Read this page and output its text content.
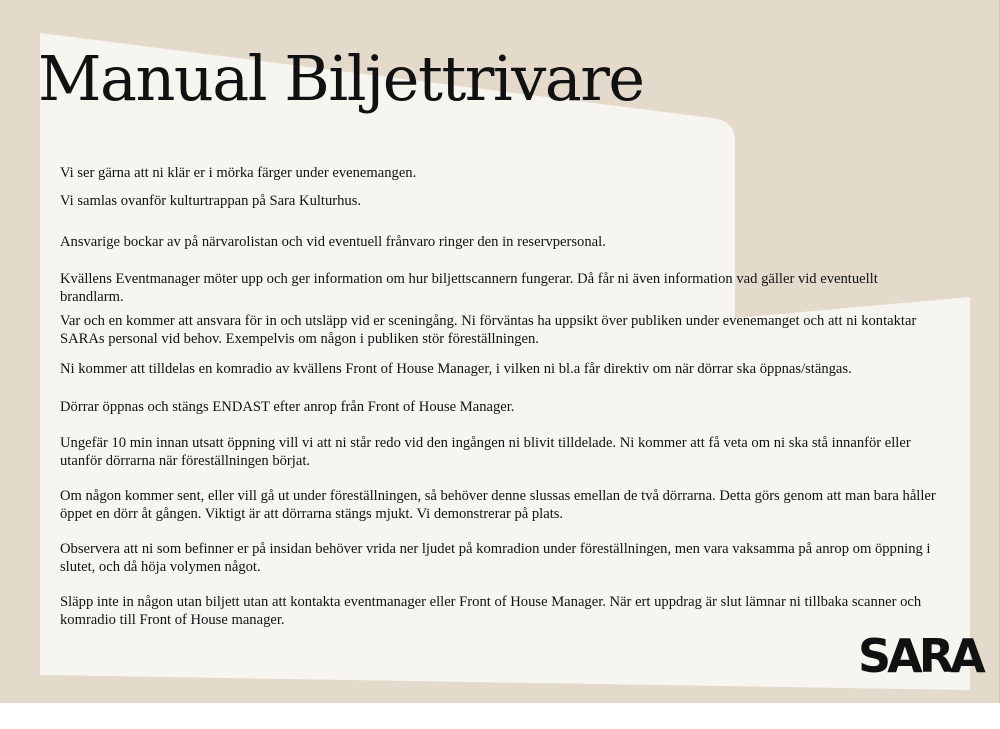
Manual Biljettrivare

Vi ser gärna att ni klär er i mörka färger under evenemangen.

Vi samlas ovanför kulturtrappan på Sara Kulturhus.

Ansvarige bockar av på närvarolistan och vid eventuell frånvaro ringer den in reservpersonal.

Kvällens Eventmanager möter upp och ger information om hur biljettscannern fungerar. Då får ni även information vad gäller vid eventuellt brandlarm.

Var och en kommer att ansvara för in och utsläpp vid er sceningång. Ni förväntas ha uppsikt över publiken under evenemanget och att ni kontaktar SARAs personal vid behov. Exempelvis om någon i publiken stör föreställningen.

Ni kommer att tilldelas en komradio av kvällens Front of House Manager, i vilken ni bl.a får direktiv om när dörrar ska öppnas/stängas.

Dörrar öppnas och stängs ENDAST efter anrop från Front of House Manager.

Ungefär 10 min innan utsatt öppning vill vi att ni står redo vid den ingången ni blivit tilldelade. Ni kommer att få veta om ni ska stå innanför eller utanför dörrarna när föreställningen börjat.

Om någon kommer sent, eller vill gå ut under föreställningen, så behöver denne slussas emellan de två dörrarna. Detta görs genom att man bara håller öppet en dörr åt gången. Viktigt är att dörrarna stängs mjukt. Vi demonstrerar på plats.

Observera att ni som befinner er på insidan behöver vrida ner ljudet på komradion under föreställningen, men vara vaksamma på anrop om öppning i slutet, och då höja volymen något.

Släpp inte in någon utan biljett utan att kontakta eventmanager eller Front of House Manager. När ert uppdrag är slut lämnar ni tillbaka scanner och komradio till Front of House manager.

SARA
